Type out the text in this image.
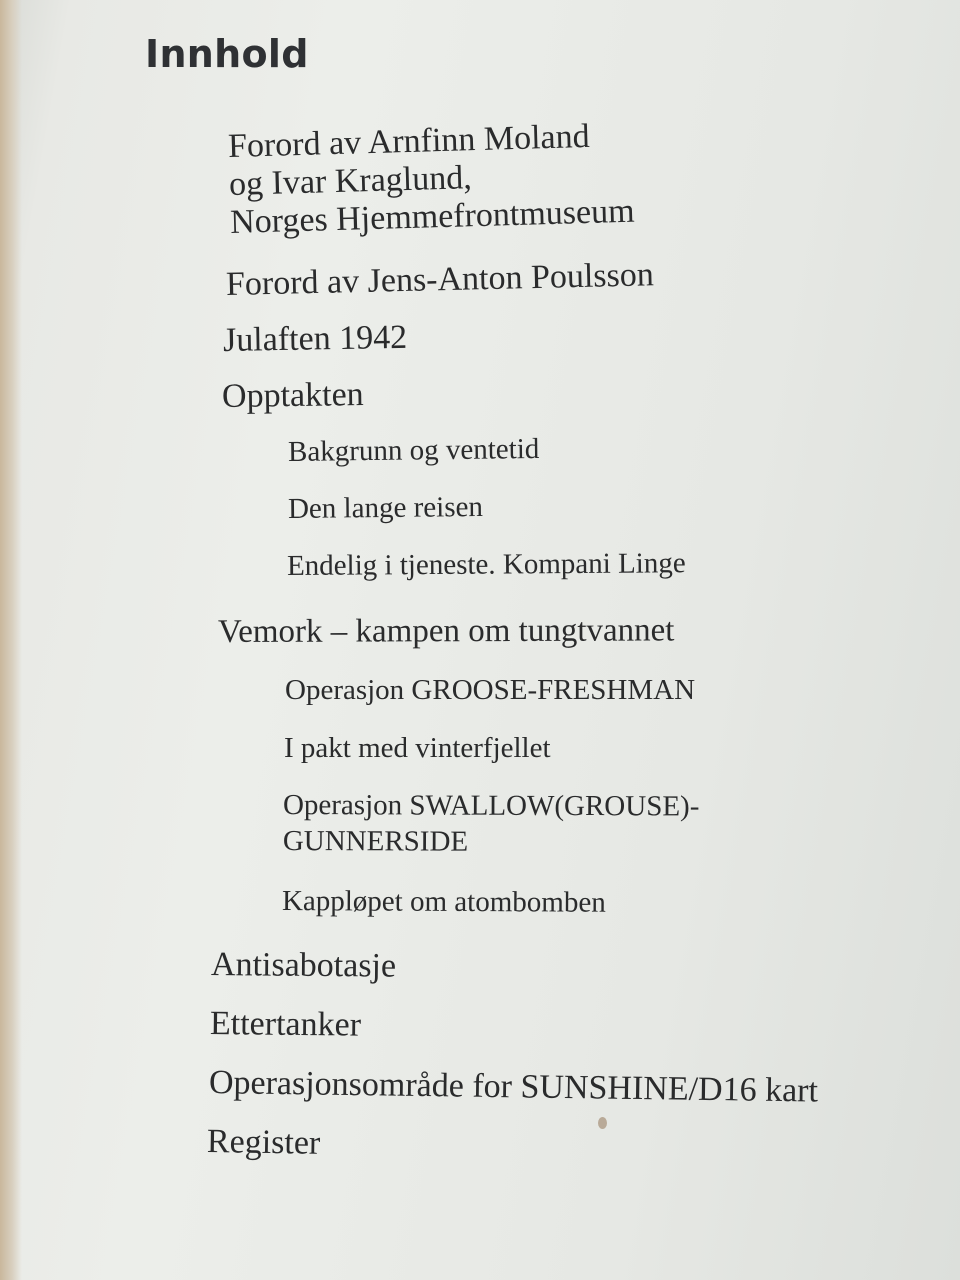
Innhold
Forord av Arnfinn Moland
og Ivar Kraglund,
Norges Hjemmefrontmuseum
Forord av Jens-Anton Poulsson
Julaften 1942
Opptakten
Bakgrunn og ventetid
Den lange reisen
Endelig i tjeneste. Kompani Linge
Vemork – kampen om tungtvannet
Operasjon GROOSE-FRESHMAN
I pakt med vinterfjellet
Operasjon SWALLOW(GROUSE)-
GUNNERSIDE
Kappløpet om atombomben
Antisabotasje
Ettertanker
Operasjonsområde for SUNSHINE/D16 kart
Register
